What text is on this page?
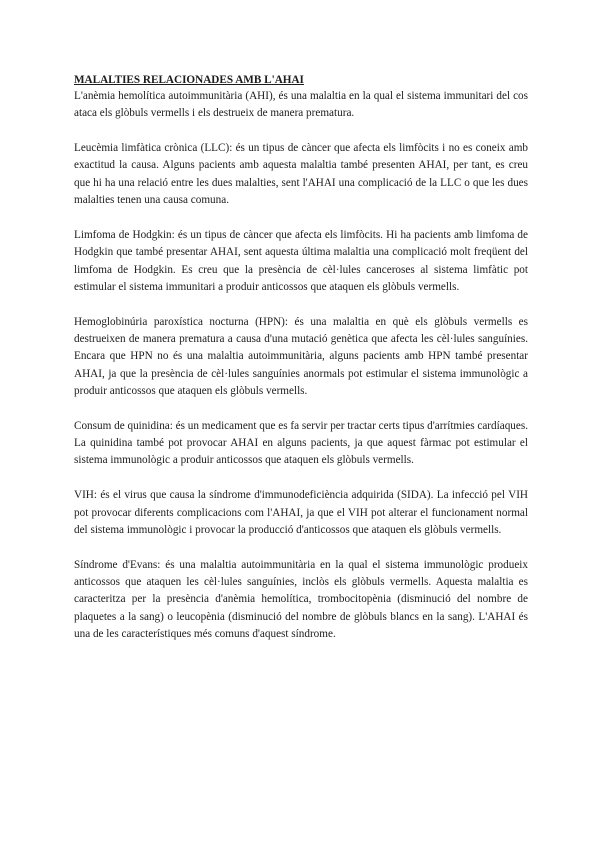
MALALTIES RELACIONADES AMB L'AHAI

L'anèmia hemolítica autoimmunitària (AHI), és una malaltia en la qual el sistema immunitari del cos ataca els glòbuls vermells i els destrueix de manera prematura.

Leucèmia limfàtica crònica (LLC): és un tipus de càncer que afecta els limfòcits i no es coneix amb exactitud la causa. Alguns pacients amb aquesta malaltia també presenten AHAI, per tant, es creu que hi ha una relació entre les dues malalties, sent l'AHAI una complicació de la LLC o que les dues malalties tenen una causa comuna.

Limfoma de Hodgkin: és un tipus de càncer que afecta els limfòcits. Hi ha pacients amb limfoma de Hodgkin que també presentar AHAI, sent aquesta última malaltia una complicació molt freqüent del limfoma de Hodgkin. Es creu que la presència de cèl·lules canceroses al sistema limfàtic pot estimular el sistema immunitari a produir anticossos que ataquen els glòbuls vermells.

Hemoglobinúria paroxística nocturna (HPN): és una malaltia en què els glòbuls vermells es destrueixen de manera prematura a causa d'una mutació genètica que afecta les cèl·lules sanguínies. Encara que HPN no és una malaltia autoimmunitària, alguns pacients amb HPN també presentar AHAI, ja que la presència de cèl·lules sanguínies anormals pot estimular el sistema immunològic a produir anticossos que ataquen els glòbuls vermells.

Consum de quinidina: és un medicament que es fa servir per tractar certs tipus d'arrítmies cardíaques. La quinidina també pot provocar AHAI en alguns pacients, ja que aquest fàrmac pot estimular el sistema immunològic a produir anticossos que ataquen els glòbuls vermells.

VIH: és el virus que causa la síndrome d'immunodeficiència adquirida (SIDA). La infecció pel VIH pot provocar diferents complicacions com l'AHAI, ja que el VIH pot alterar el funcionament normal del sistema immunològic i provocar la producció d'anticossos que ataquen els glòbuls vermells.

Síndrome d'Evans: és una malaltia autoimmunitària en la qual el sistema immunològic produeix anticossos que ataquen les cèl·lules sanguínies, inclòs els glòbuls vermells. Aquesta malaltia es caracteritza per la presència d'anèmia hemolítica, trombocitopènia (disminució del nombre de plaquetes a la sang) o leucopènia (disminució del nombre de glòbuls blancs en la sang). L'AHAI és una de les característiques més comuns d'aquest síndrome.
